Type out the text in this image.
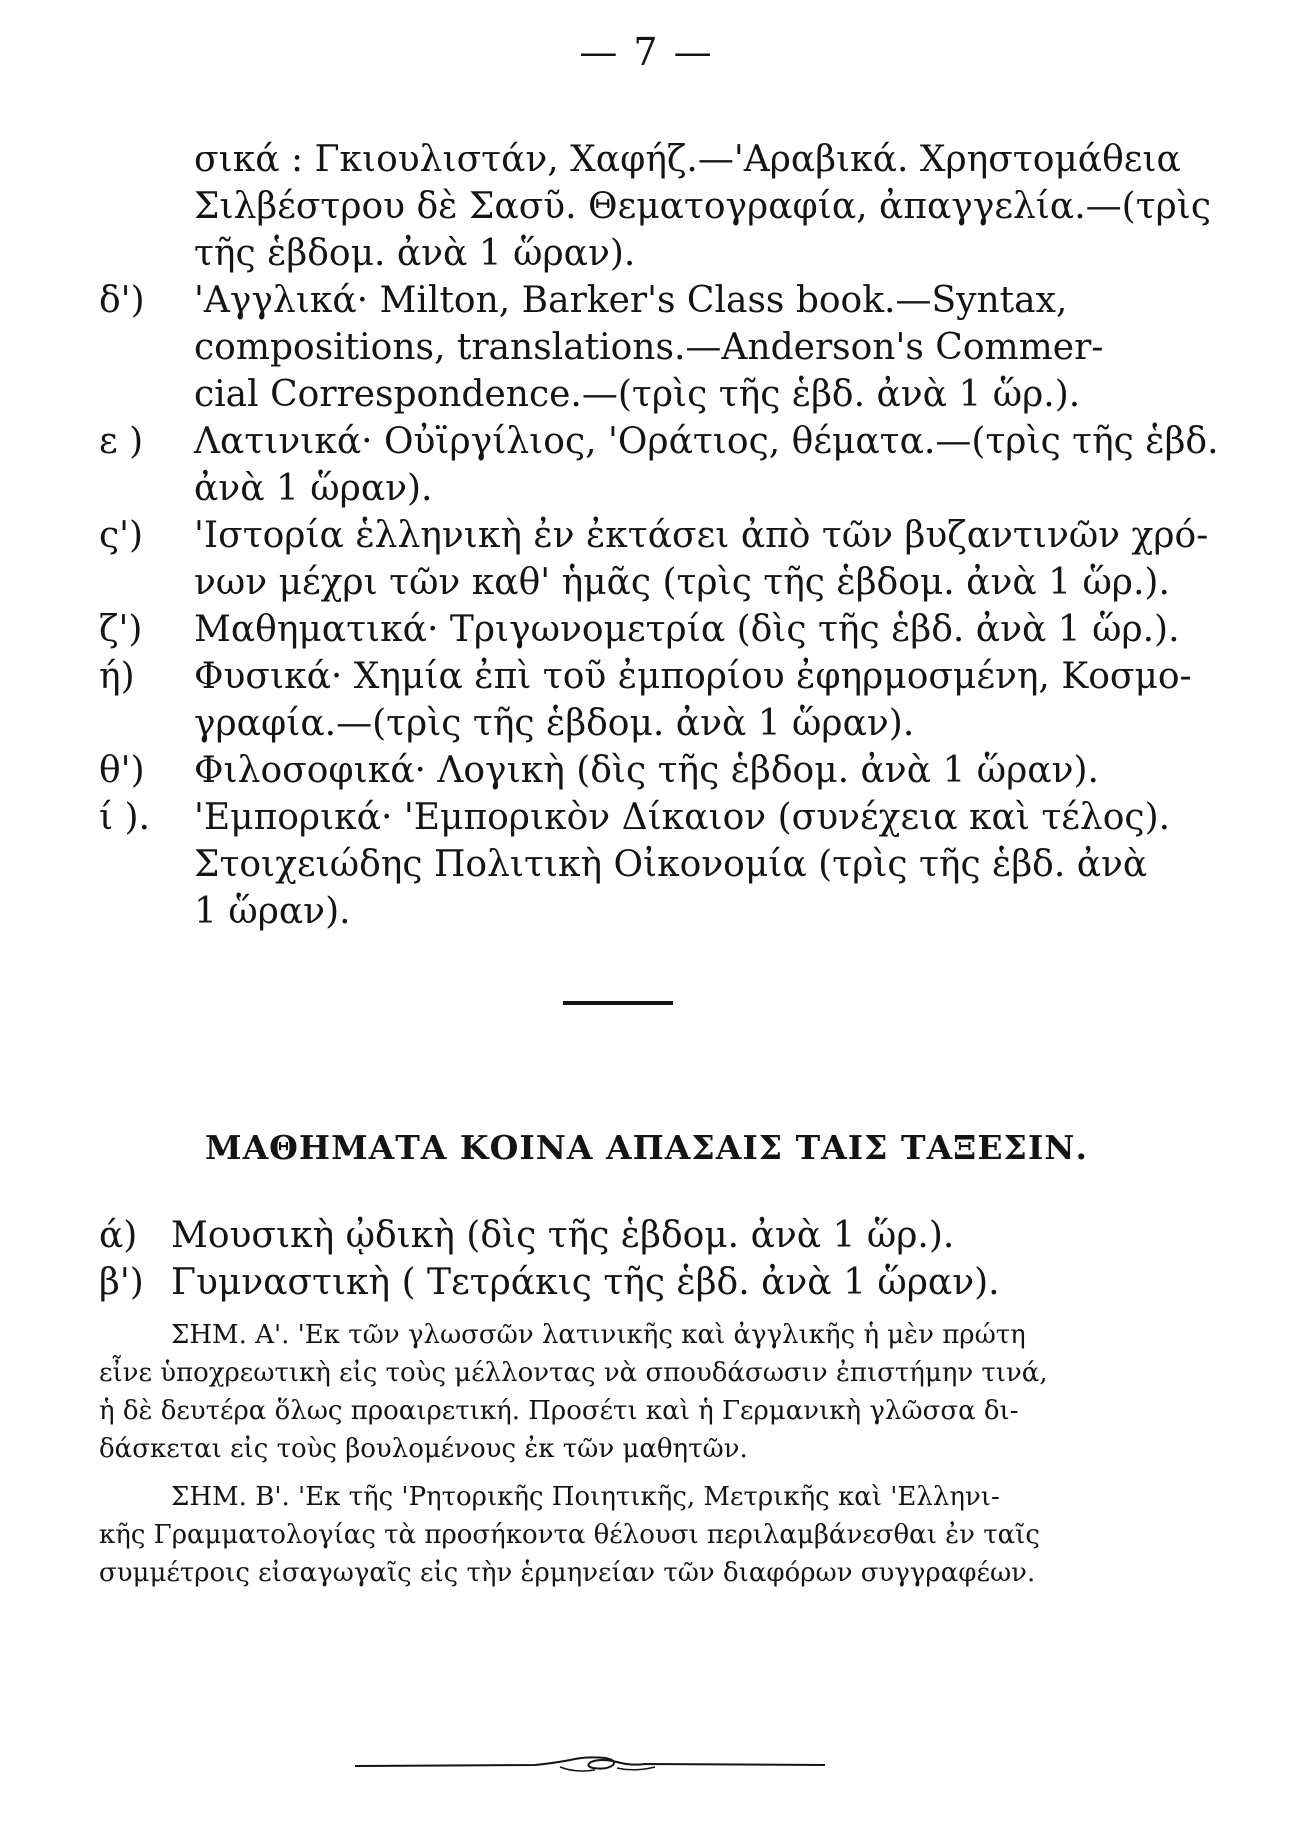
— 7 —
σικά : Γκιουλιστάν, Χαφήζ.—'Αραβικά. Χρηστομάθεια
Σιλβέστρου δὲ Σασῦ. Θεματογραφία, ἀπαγγελία.—(τρὶς
τῆς ἑβδομ. ἀνὰ 1 ὥραν).
δ') 'Αγγλικά· Milton, Barker's Class book.—Syntax,
compositions, translations.—Anderson's Commer-
cial Correspondence.—(τρὶς τῆς ἑβδ. ἀνὰ 1 ὥρ.).
ε ) Λατινικά· Οὐϊργίλιος, 'Οράτιος, θέματα.—(τρὶς τῆς ἑβδ.
ἀνὰ 1 ὥραν).
ς') 'Ιστορία ἑλληνικὴ ἐν ἐκτάσει ἀπὸ τῶν βυζαντινῶν χρό-
νων μέχρι τῶν καθ' ἡμᾶς (τρὶς τῆς ἑβδομ. ἀνὰ 1 ὥρ.).
ζ') Μαθηματικά· Τριγωνομετρία (δὶς τῆς ἑβδ. ἀνὰ 1 ὥρ.).
ή) Φυσικά· Χημία ἐπὶ τοῦ ἐμπορίου ἐφηρμοσμένη, Κοσμο-
γραφία.—(τρὶς τῆς ἑβδομ. ἀνὰ 1 ὥραν).
θ') Φιλοσοφικά· Λογικὴ (δὶς τῆς ἑβδομ. ἀνὰ 1 ὥραν).
ί ). 'Εμπορικά· 'Εμπορικὸν Δίκαιον (συνέχεια καὶ τέλος).
Στοιχειώδης Πολιτικὴ Οἰκονομία (τρὶς τῆς ἑβδ. ἀνὰ
1 ὥραν).
ΜΑΘΗΜΑΤΑ ΚΟΙΝΑ ΑΠΑΣΑΙΣ ΤΑΙΣ ΤΑΞΕΣΙΝ.
ά) Μουσικὴ ᾠδικὴ (δὶς τῆς ἑβδομ. ἀνὰ 1 ὥρ.).
β') Γυμναστικὴ ( Τετράκις τῆς ἑβδ. ἀνὰ 1 ὥραν).
ΣΗΜ. Α'. 'Εκ τῶν γλωσσῶν λατινικῆς καὶ ἀγγλικῆς ἡ μὲν πρώτη
εἶνε ὑποχρεωτικὴ εἰς τοὺς μέλλοντας νὰ σπουδάσωσιν ἐπιστήμην τινά,
ἡ δὲ δευτέρα ὅλως προαιρετική. Προσέτι καὶ ἡ Γερμανικὴ γλῶσσα δι-
δάσκεται εἰς τοὺς βουλομένους ἐκ τῶν μαθητῶν.
ΣΗΜ. Β'. 'Εκ τῆς 'Ρητορικῆς Ποιητικῆς, Μετρικῆς καὶ 'Ελληνι-
κῆς Γραμματολογίας τὰ προσήκοντα θέλουσι περιλαμβάνεσθαι ἐν ταῖς
συμμέτροις εἰσαγωγαῖς εἰς τὴν ἑρμηνείαν τῶν διαφόρων συγγραφέων.
